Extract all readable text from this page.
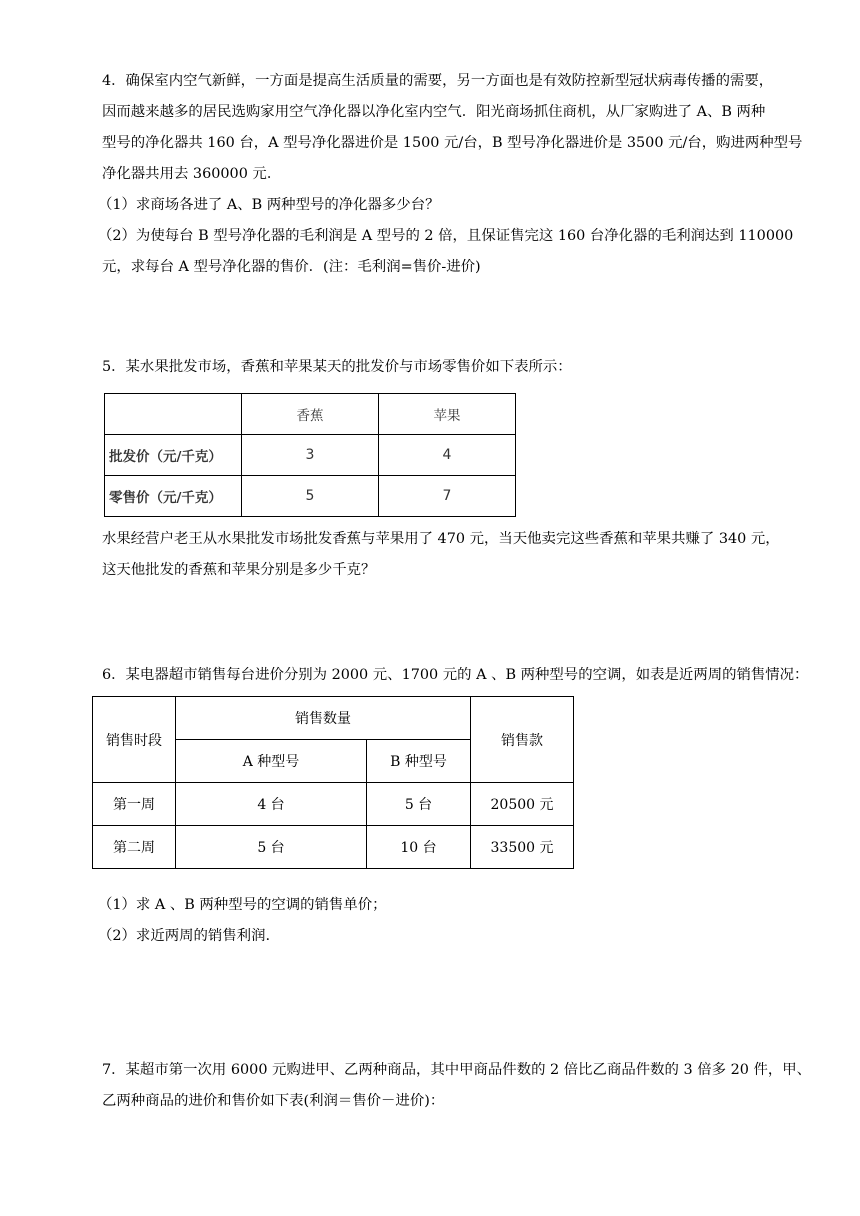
4．确保室内空气新鲜，一方面是提高生活质量的需要，另一方面也是有效防控新型冠状病毒传播的需要，
因而越来越多的居民选购家用空气净化器以净化室内空气．阳光商场抓住商机，从厂家购进了 A、B 两种
型号的净化器共 160 台，A 型号净化器进价是 1500 元/台，B 型号净化器进价是 3500 元/台，购进两种型号
净化器共用去 360000 元．
（1）求商场各进了 A、B 两种型号的净化器多少台？
（2）为使每台 B 型号净化器的毛利润是 A 型号的 2 倍，且保证售完这 160 台净化器的毛利润达到 110000
元，求每台 A 型号净化器的售价．(注：毛利润=售价-进价)
5．某水果批发市场，香蕉和苹果某天的批发价与市场零售价如下表所示：
	香蕉	苹果
批发价（元/千克）	3	4
零售价（元/千克）	5	7
水果经营户老王从水果批发市场批发香蕉与苹果用了 470 元，当天他卖完这些香蕉和苹果共赚了 340 元，
这天他批发的香蕉和苹果分别是多少千克？
6．某电器超市销售每台进价分别为 2000 元、1700 元的 A 、B 两种型号的空调，如表是近两周的销售情况：
销售时段	销售数量		销售款
	A 种型号	B 种型号	
第一周	4 台	5 台	20500 元
第二周	5 台	10 台	33500 元
（1）求 A 、B 两种型号的空调的销售单价；
（2）求近两周的销售利润.
7．某超市第一次用 6000 元购进甲、乙两种商品，其中甲商品件数的 2 倍比乙商品件数的 3 倍多 20 件，甲、
乙两种商品的进价和售价如下表(利润＝售价－进价)：
